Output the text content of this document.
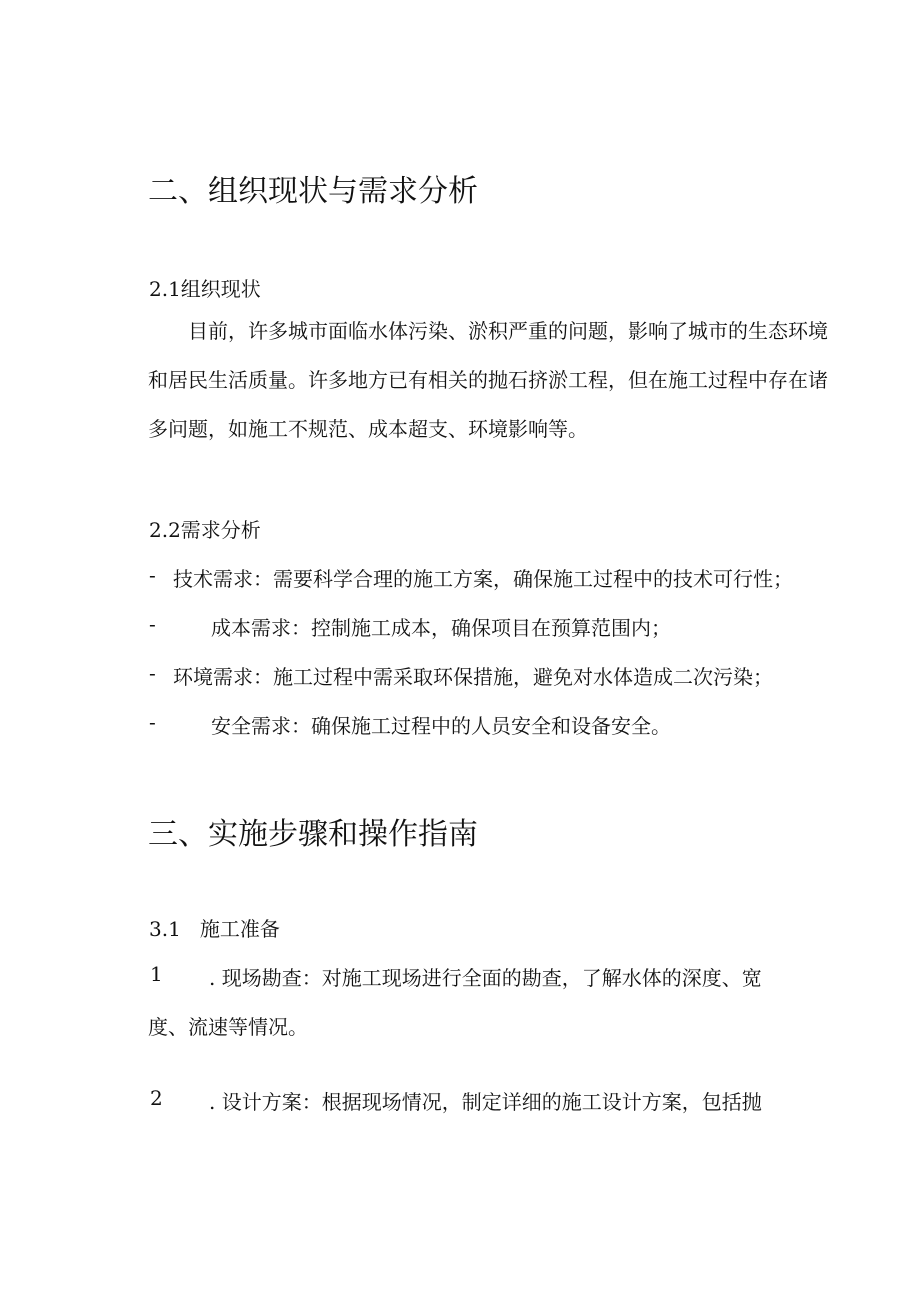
二、组织现状与需求分析
2.1组织现状

目前，许多城市面临水体污染、淤积严重的问题，影响了城市的生态环境和居民生活质量。许多地方已有相关的抛石挤淤工程，但在施工过程中存在诸多问题，如施工不规范、成本超支、环境影响等。

2.2需求分析
- 技术需求：需要科学合理的施工方案，确保施工过程中的技术可行性；
-	成本需求：控制施工成本，确保项目在预算范围内；
- 环境需求：施工过程中需采取环保措施，避免对水体造成二次污染；
-	安全需求：确保施工过程中的人员安全和设备安全。
三、实施步骤和操作指南
3.1   施工准备
1 . 现场勘查：对施工现场进行全面的勘查，了解水体的深度、宽
度、流速等情况。
2 . 设计方案：根据现场情况，制定详细的施工设计方案，包括抛
